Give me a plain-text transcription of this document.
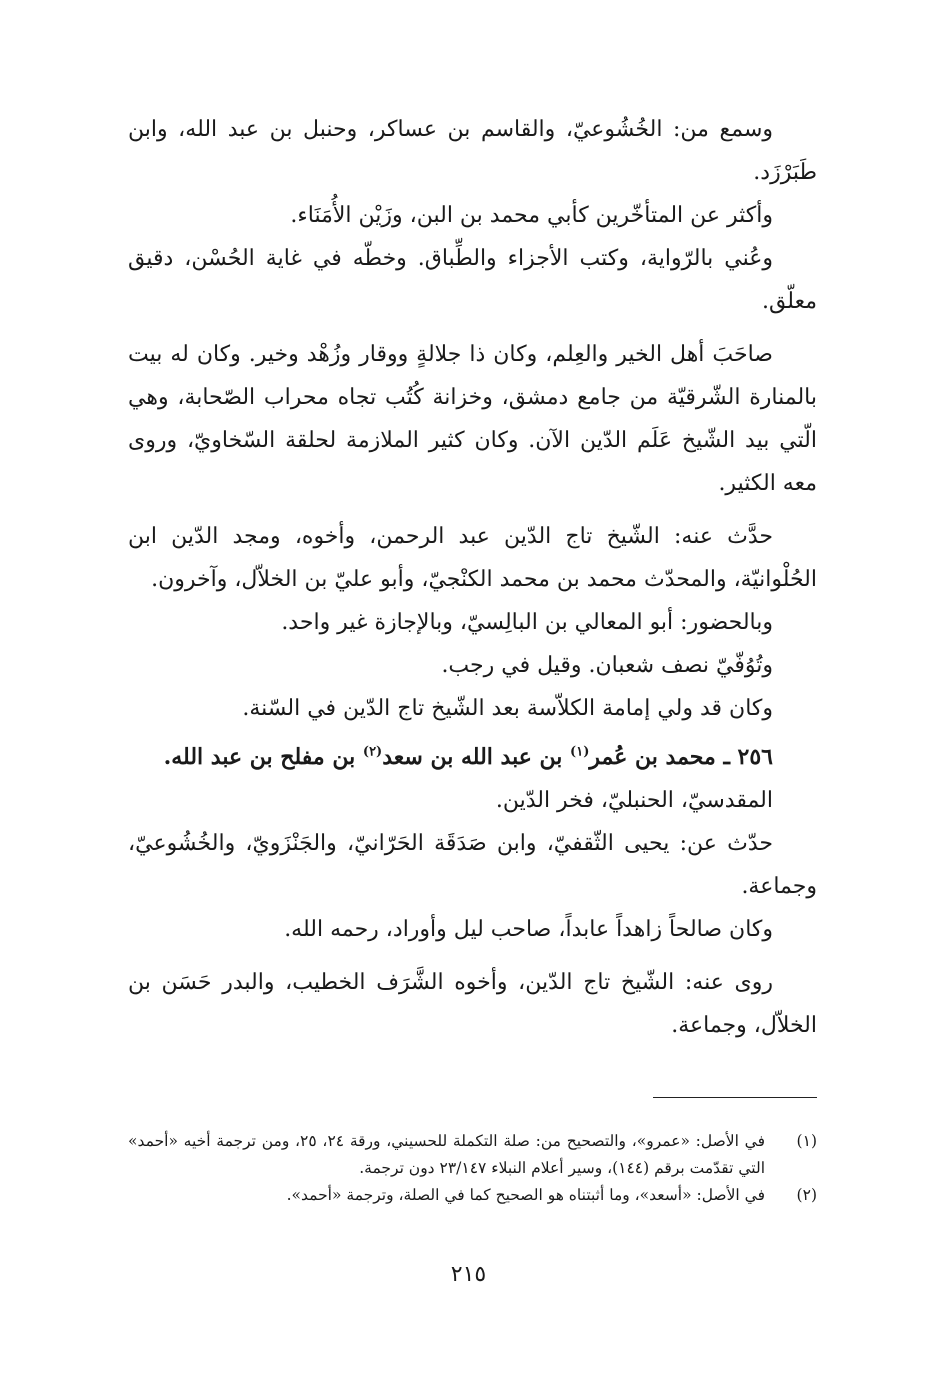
وسمع من: الخُشُوعيّ، والقاسم بن عساكر، وحنبل بن عبد الله، وابن طَبَرْزَد.

وأكثر عن المتأخّرين كأبي محمد بن البن، وزَيْن الأُمَنَاء.

وعُني بالرّواية، وكتب الأجزاء والطِّباق. وخطّه في غاية الحُسْن، دقيق معلّق.

صاحَبَ أهل الخير والعِلم، وكان ذا جلالةٍ ووقار وزُهْد وخير. وكان له بيت بالمنارة الشّرقيّة من جامع دمشق، وخزانة كُتُب تجاه محراب الصّحابة، وهي الّتي بيد الشّيخ عَلَم الدّين الآن. وكان كثير الملازمة لحلقة السّخاويّ، وروى معه الكثير.

حدَّث عنه: الشّيخ تاج الدّين عبد الرحمن، وأخوه، ومجد الدّين ابن الحُلْوانيّة، والمحدّث محمد بن محمد الكنْجيّ، وأبو عليّ بن الخلاّل، وآخرون.

وبالحضور: أبو المعالي بن البالِسيّ، وبالإجازة غير واحد.

وتُوُفّيّ نصف شعبان. وقيل في رجب.

وكان قد ولي إمامة الكلاّسة بعد الشّيخ تاج الدّين في السّنة.

٢٥٦ ـ محمد بن عُمر$^{(١)}$ بن عبد الله بن سعد$^{(٢)}$ بن مفلح بن عبد الله.

المقدسيّ، الحنبليّ، فخر الدّين.

حدّث عن: يحيى الثّقفيّ، وابن صَدَقَة الحَرّانيّ، والجَنْزَويّ، والخُشُوعيّ، وجماعة.

وكان صالحاً زاهداً عابداً، صاحب ليل وأوراد، رحمه الله.

روى عنه: الشّيخ تاج الدّين، وأخوه الشَّرَف الخطيب، والبدر حَسَن بن الخلاّل، وجماعة.

(١)
في الأصل: «عمرو»، والتصحيح من: صلة التكملة للحسيني، ورقة ٢٤، ٢٥، ومن ترجمة أخيه «أحمد» التي تقدّمت برقم (١٤٤)، وسير أعلام النبلاء ٢٣/١٤٧ دون ترجمة.
(٢)
في الأصل: «أسعد»، وما أثبتناه هو الصحيح كما في الصلة، وترجمة «أحمد».
٢١٥
